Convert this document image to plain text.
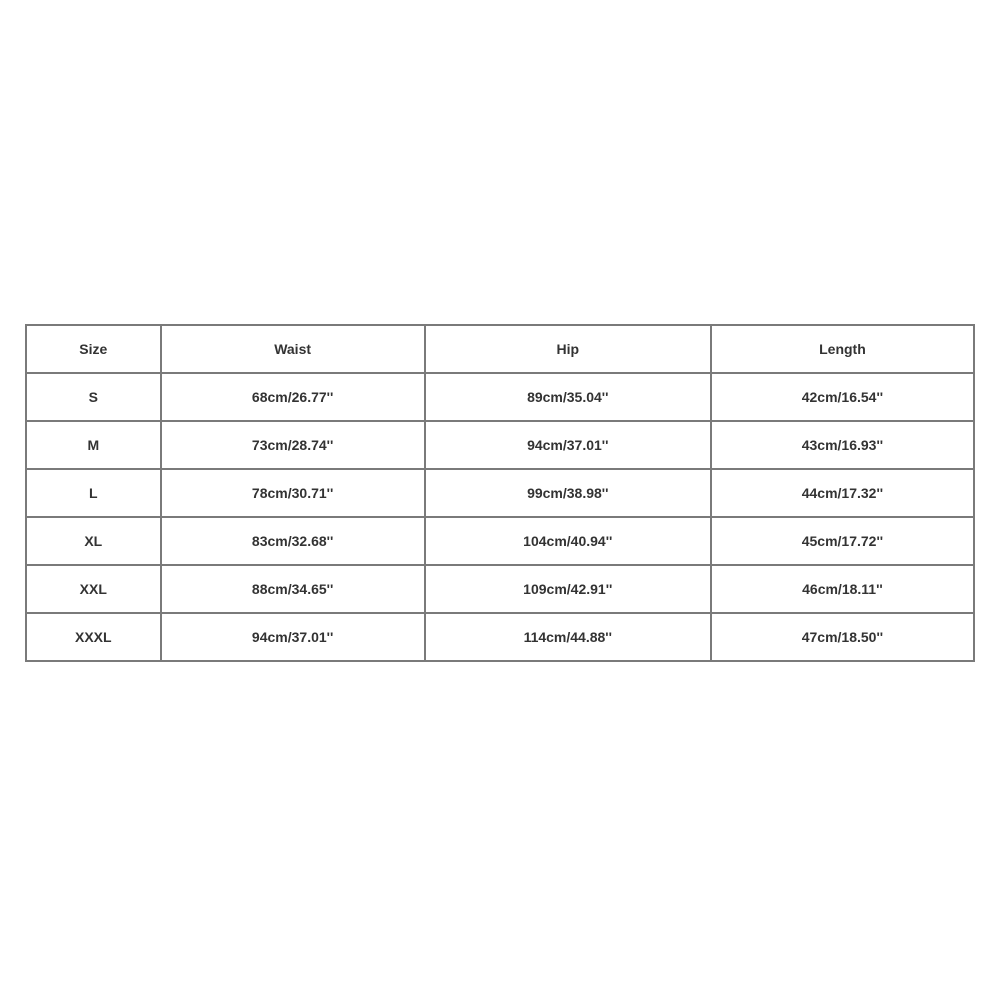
Size	Waist	Hip	Length
S	68cm/26.77''	89cm/35.04''	42cm/16.54''
M	73cm/28.74''	94cm/37.01''	43cm/16.93''
L	78cm/30.71''	99cm/38.98''	44cm/17.32''
XL	83cm/32.68''	104cm/40.94''	45cm/17.72''
XXL	88cm/34.65''	109cm/42.91''	46cm/18.11''
XXXL	94cm/37.01''	114cm/44.88''	47cm/18.50''
